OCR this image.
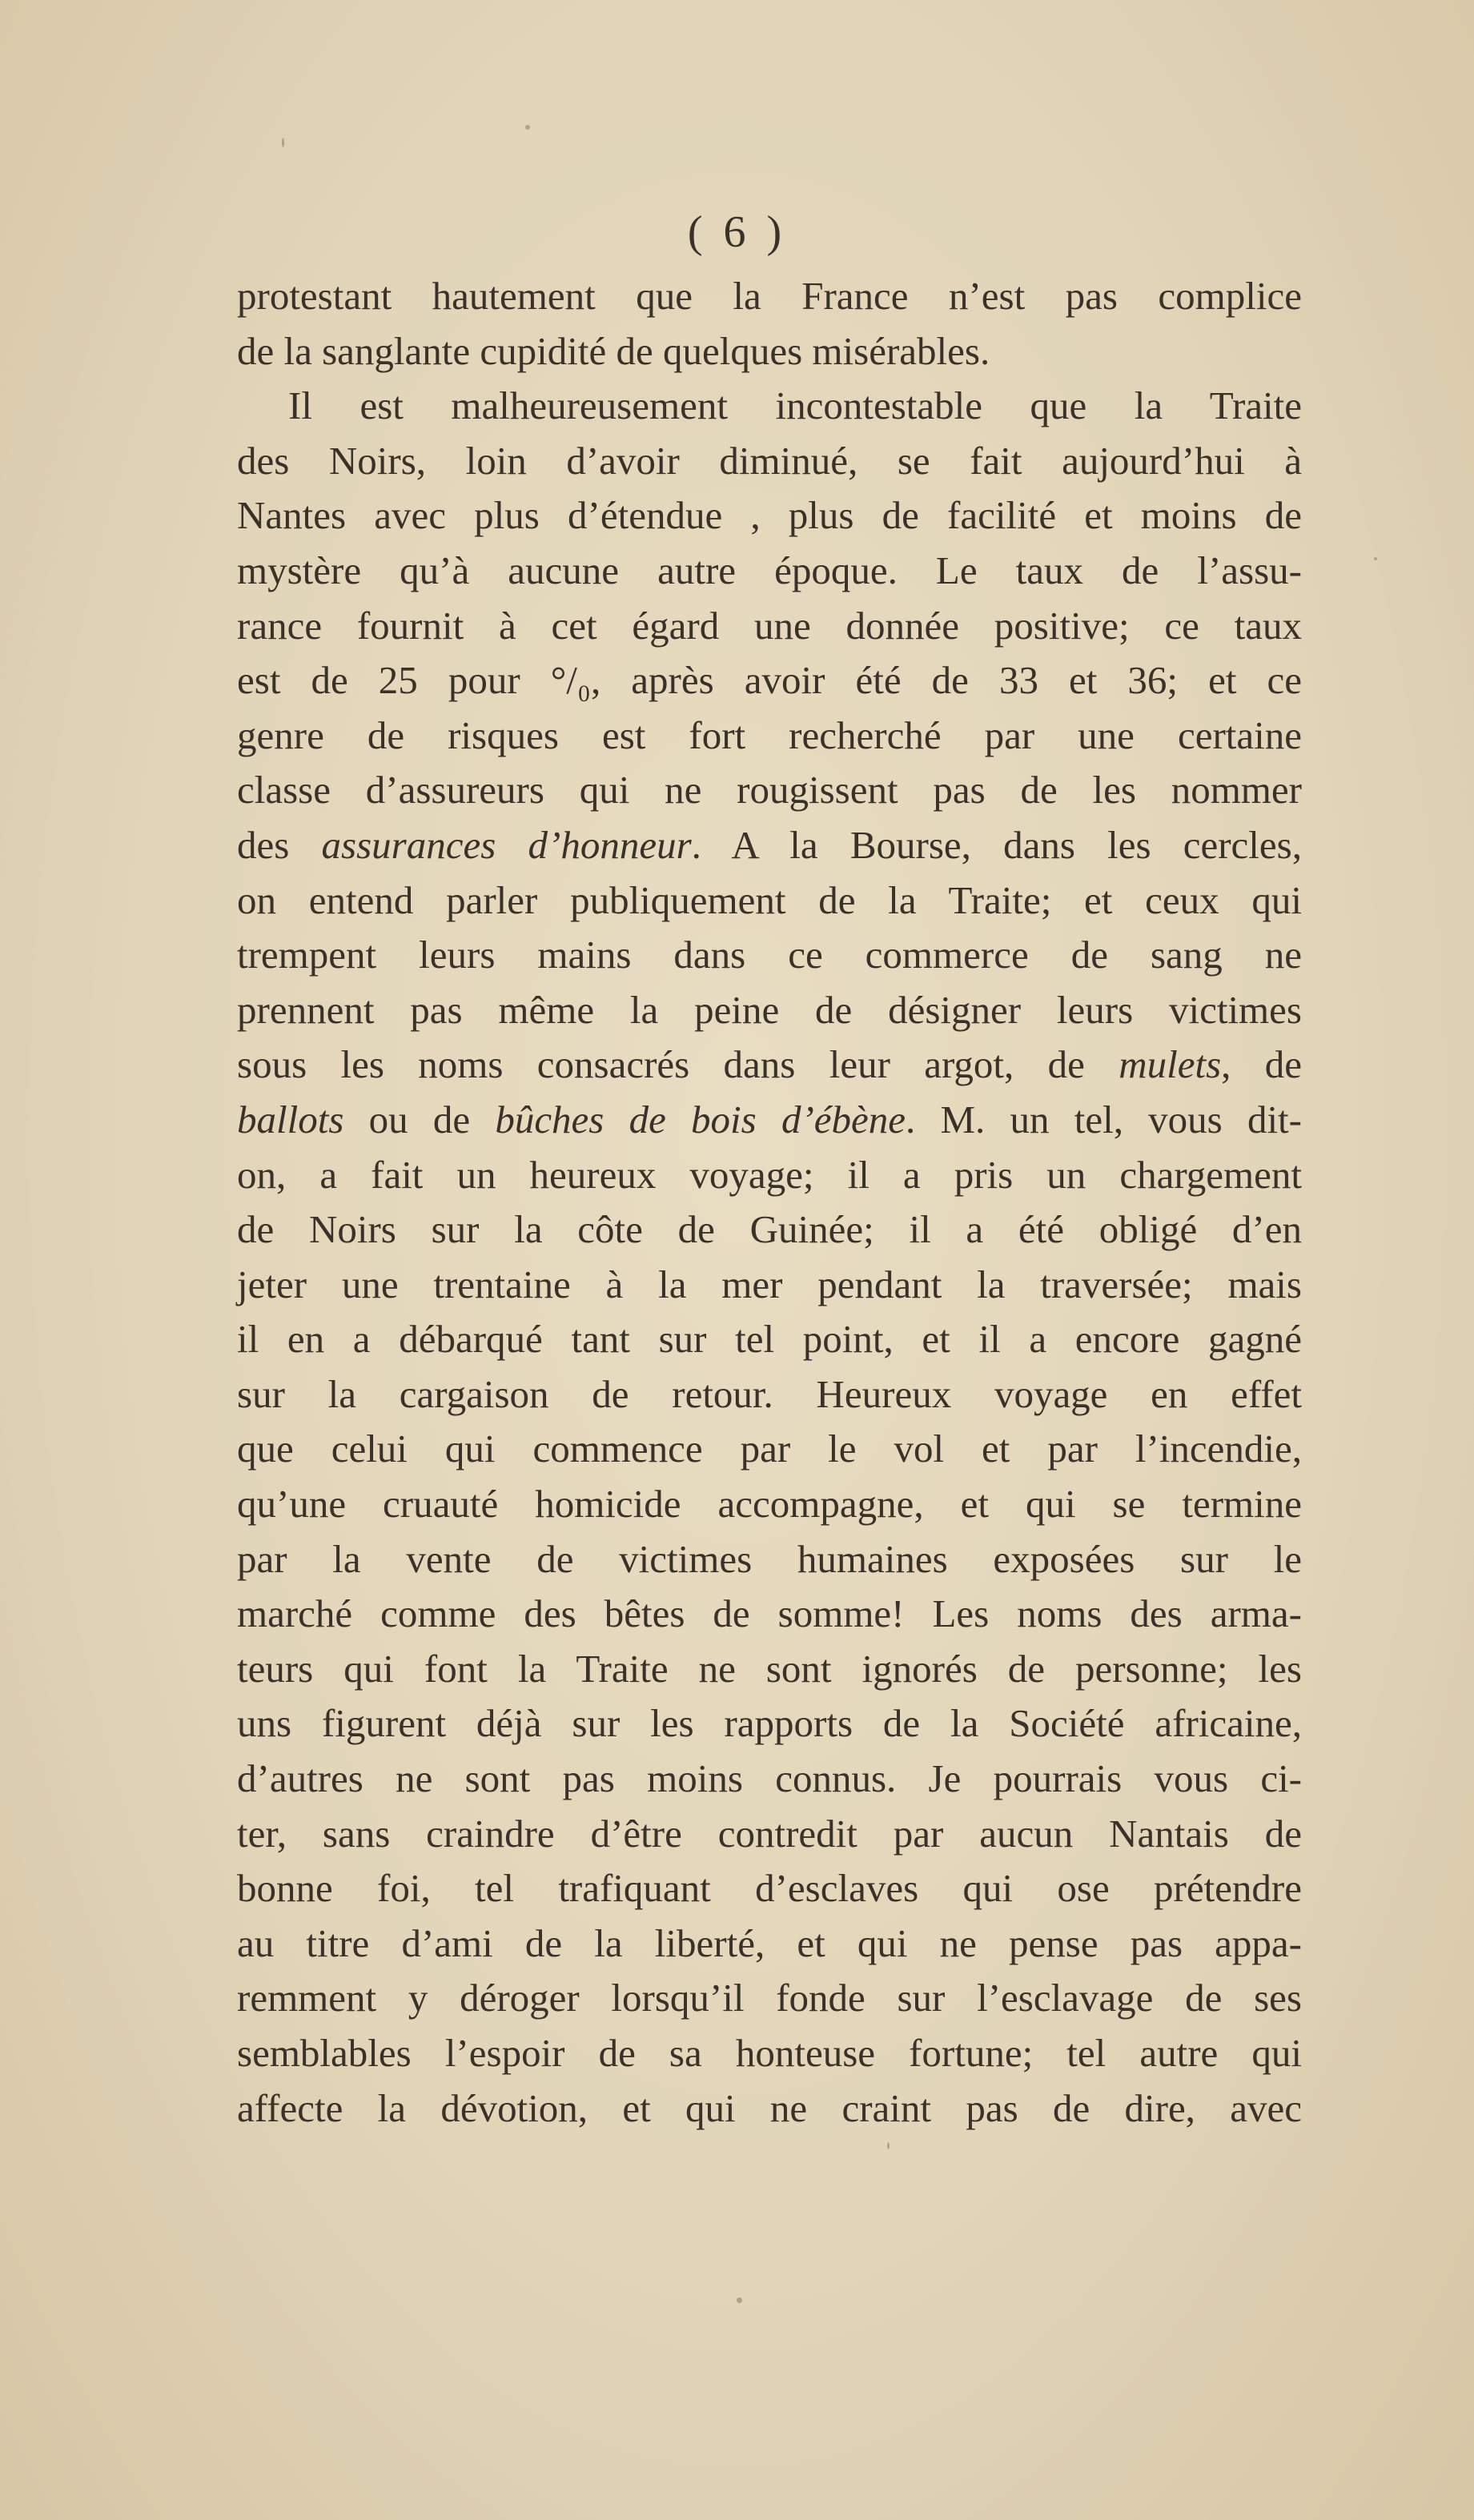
( 6 )
protestant hautement que la France n’est pas complice
de la sanglante cupidité de quelques misérables.
Il est malheureusement incontestable que la Traite
des Noirs, loin d’avoir diminué, se fait aujourd’hui à
Nantes avec plus d’étendue , plus de facilité et moins de
mystère qu’à aucune autre époque. Le taux de l’assu-
rance fournit à cet égard une donnée positive; ce taux
est de 25 pour °/₀, après avoir été de 33 et 36; et ce
genre de risques est fort recherché par une certaine
classe d’assureurs qui ne rougissent pas de les nommer
des assurances d’honneur. A la Bourse, dans les cercles,
on entend parler publiquement de la Traite; et ceux qui
trempent leurs mains dans ce commerce de sang ne
prennent pas même la peine de désigner leurs victimes
sous les noms consacrés dans leur argot, de mulets, de
ballots ou de bûches de bois d’ébène. M. un tel, vous dit-
on, a fait un heureux voyage; il a pris un chargement
de Noirs sur la côte de Guinée; il a été obligé d’en
jeter une trentaine à la mer pendant la traversée; mais
il en a débarqué tant sur tel point, et il a encore gagné
sur la cargaison de retour. Heureux voyage en effet
que celui qui commence par le vol et par l’incendie,
qu’une cruauté homicide accompagne, et qui se termine
par la vente de victimes humaines exposées sur le
marché comme des bêtes de somme! Les noms des arma-
teurs qui font la Traite ne sont ignorés de personne; les
uns figurent déjà sur les rapports de la Société africaine,
d’autres ne sont pas moins connus. Je pourrais vous ci-
ter, sans craindre d’être contredit par aucun Nantais de
bonne foi, tel trafiquant d’esclaves qui ose prétendre
au titre d’ami de la liberté, et qui ne pense pas appa-
remment y déroger lorsqu’il fonde sur l’esclavage de ses
semblables l’espoir de sa honteuse fortune; tel autre qui
affecte la dévotion, et qui ne craint pas de dire, avec
